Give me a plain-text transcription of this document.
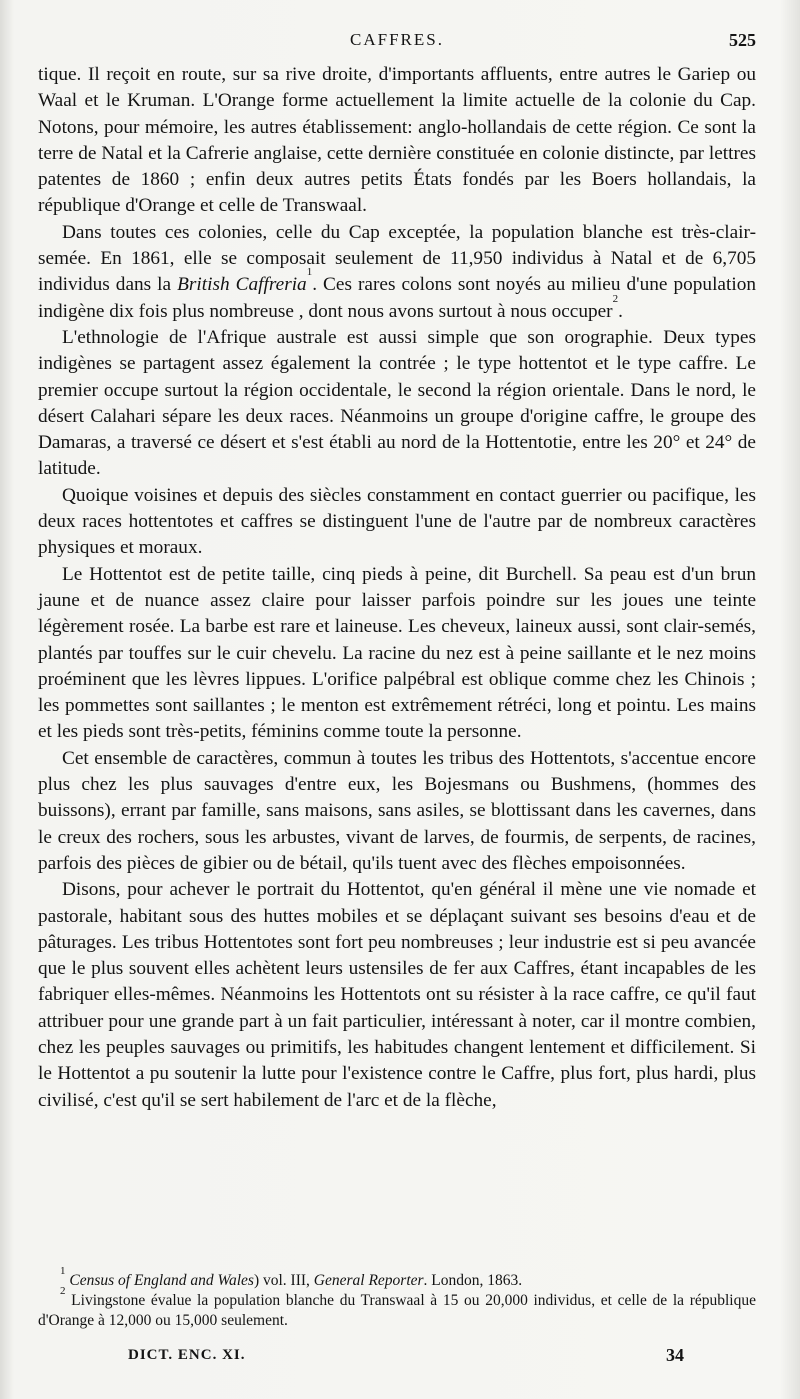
CAFFRES.	525

tique. Il reçoit en route, sur sa rive droite, d'importants affluents, entre autres le Gariep ou Waal et le Kruman. L'Orange forme actuellement la limite actuelle de la colonie du Cap. Notons, pour mémoire, les autres établissement: anglo-hollandais de cette région. Ce sont la terre de Natal et la Cafrerie anglaise, cette dernière constituée en colonie distincte, par lettres patentes de 1860 ; enfin deux autres petits États fondés par les Boers hollandais, la république d'Orange et celle de Transwaal.

Dans toutes ces colonies, celle du Cap exceptée, la population blanche est très-clair-semée. En 1861, elle se composait seulement de 11,950 individus à Natal et de 6,705 individus dans la British Caffreria$^1$. Ces rares colons sont noyés au milieu d'une population indigène dix fois plus nombreuse , dont nous avons surtout à nous occuper$^2$.

L'ethnologie de l'Afrique australe est aussi simple que son orographie. Deux types indigènes se partagent assez également la contrée ; le type hottentot et le type caffre. Le premier occupe surtout la région occidentale, le second la région orientale. Dans le nord, le désert Calahari sépare les deux races. Néanmoins un groupe d'origine caffre, le groupe des Damaras, a traversé ce désert et s'est établi au nord de la Hottentotie, entre les 20° et 24° de latitude.

Quoique voisines et depuis des siècles constamment en contact guerrier ou pacifique, les deux races hottentotes et caffres se distinguent l'une de l'autre par de nombreux caractères physiques et moraux.

Le Hottentot est de petite taille, cinq pieds à peine, dit Burchell. Sa peau est d'un brun jaune et de nuance assez claire pour laisser parfois poindre sur les joues une teinte légèrement rosée. La barbe est rare et laineuse. Les cheveux, laineux aussi, sont clair-semés, plantés par touffes sur le cuir chevelu. La racine du nez est à peine saillante et le nez moins proéminent que les lèvres lippues. L'orifice palpébral est oblique comme chez les Chinois ; les pommettes sont saillantes ; le menton est extrêmement rétréci, long et pointu. Les mains et les pieds sont très-petits, féminins comme toute la personne.

Cet ensemble de caractères, commun à toutes les tribus des Hottentots, s'accentue encore plus chez les plus sauvages d'entre eux, les Bojesmans ou Bushmens, (hommes des buissons), errant par famille, sans maisons, sans asiles, se blottissant dans les cavernes, dans le creux des rochers, sous les arbustes, vivant de larves, de fourmis, de serpents, de racines, parfois des pièces de gibier ou de bétail, qu'ils tuent avec des flèches empoisonnées.

Disons, pour achever le portrait du Hottentot, qu'en général il mène une vie nomade et pastorale, habitant sous des huttes mobiles et se déplaçant suivant ses besoins d'eau et de pâturages. Les tribus Hottentotes sont fort peu nombreuses ; leur industrie est si peu avancée que le plus souvent elles achètent leurs ustensiles de fer aux Caffres, étant incapables de les fabriquer elles-mêmes. Néanmoins les Hottentots ont su résister à la race caffre, ce qu'il faut attribuer pour une grande part à un fait particulier, intéressant à noter, car il montre combien, chez les peuples sauvages ou primitifs, les habitudes changent lentement et difficilement. Si le Hottentot a pu soutenir la lutte pour l'existence contre le Caffre, plus fort, plus hardi, plus civilisé, c'est qu'il se sert habilement de l'arc et de la flèche,

$^1$ Census of England and Wales) vol. III, General Reporter. London, 1863.

$^2$ Livingstone évalue la population blanche du Transwaal à 15 ou 20,000 individus, et celle de la république d'Orange à 12,000 ou 15,000 seulement.

DICT. ENC. XI.	34
